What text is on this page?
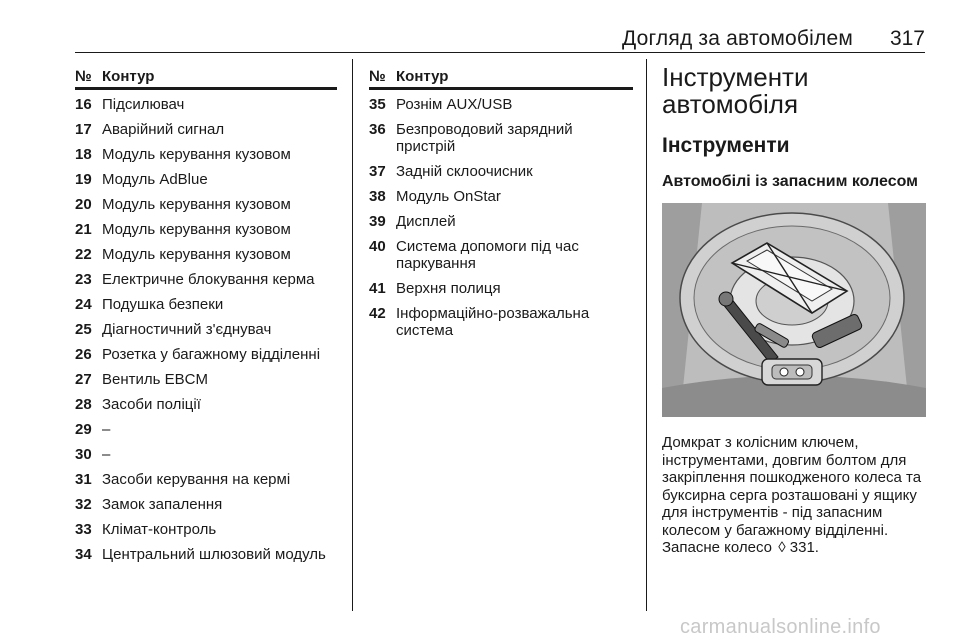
Догляд за автомобілем 317
№ Контур
16 Підсилювач
17 Аварійний сигнал
18 Модуль керування кузовом
19 Модуль AdBlue
20 Модуль керування кузовом
21 Модуль керування кузовом
22 Модуль керування кузовом
23 Електричне блокування керма
24 Подушка безпеки
25 Діагностичний з'єднувач
26 Розетка у багажному відділенні
27 Вентиль EBCM
28 Засоби поліції
29 –
30 –
31 Засоби керування на кермі
32 Замок запалення
33 Клімат-контроль
34 Центральний шлюзовий модуль
№ Контур
35 Рознім AUX/USB
36 Безпроводовий зарядний пристрій
37 Задній склоочисник
38 Модуль OnStar
39 Дисплей
40 Система допомоги під час паркування
41 Верхня полиця
42 Інформаційно-розважальна система
Інструменти автомобіля
Інструменти
Автомобілі із запасним колесом

Домкрат з колісним ключем, інструментами, довгим болтом для закріплення пошкодженого колеса та буксирна серга розташовані у ящику для інструментів - під запасним колесом у багажному відділенні. Запасне колесо ◊ 331.

carmanualsonline.info
